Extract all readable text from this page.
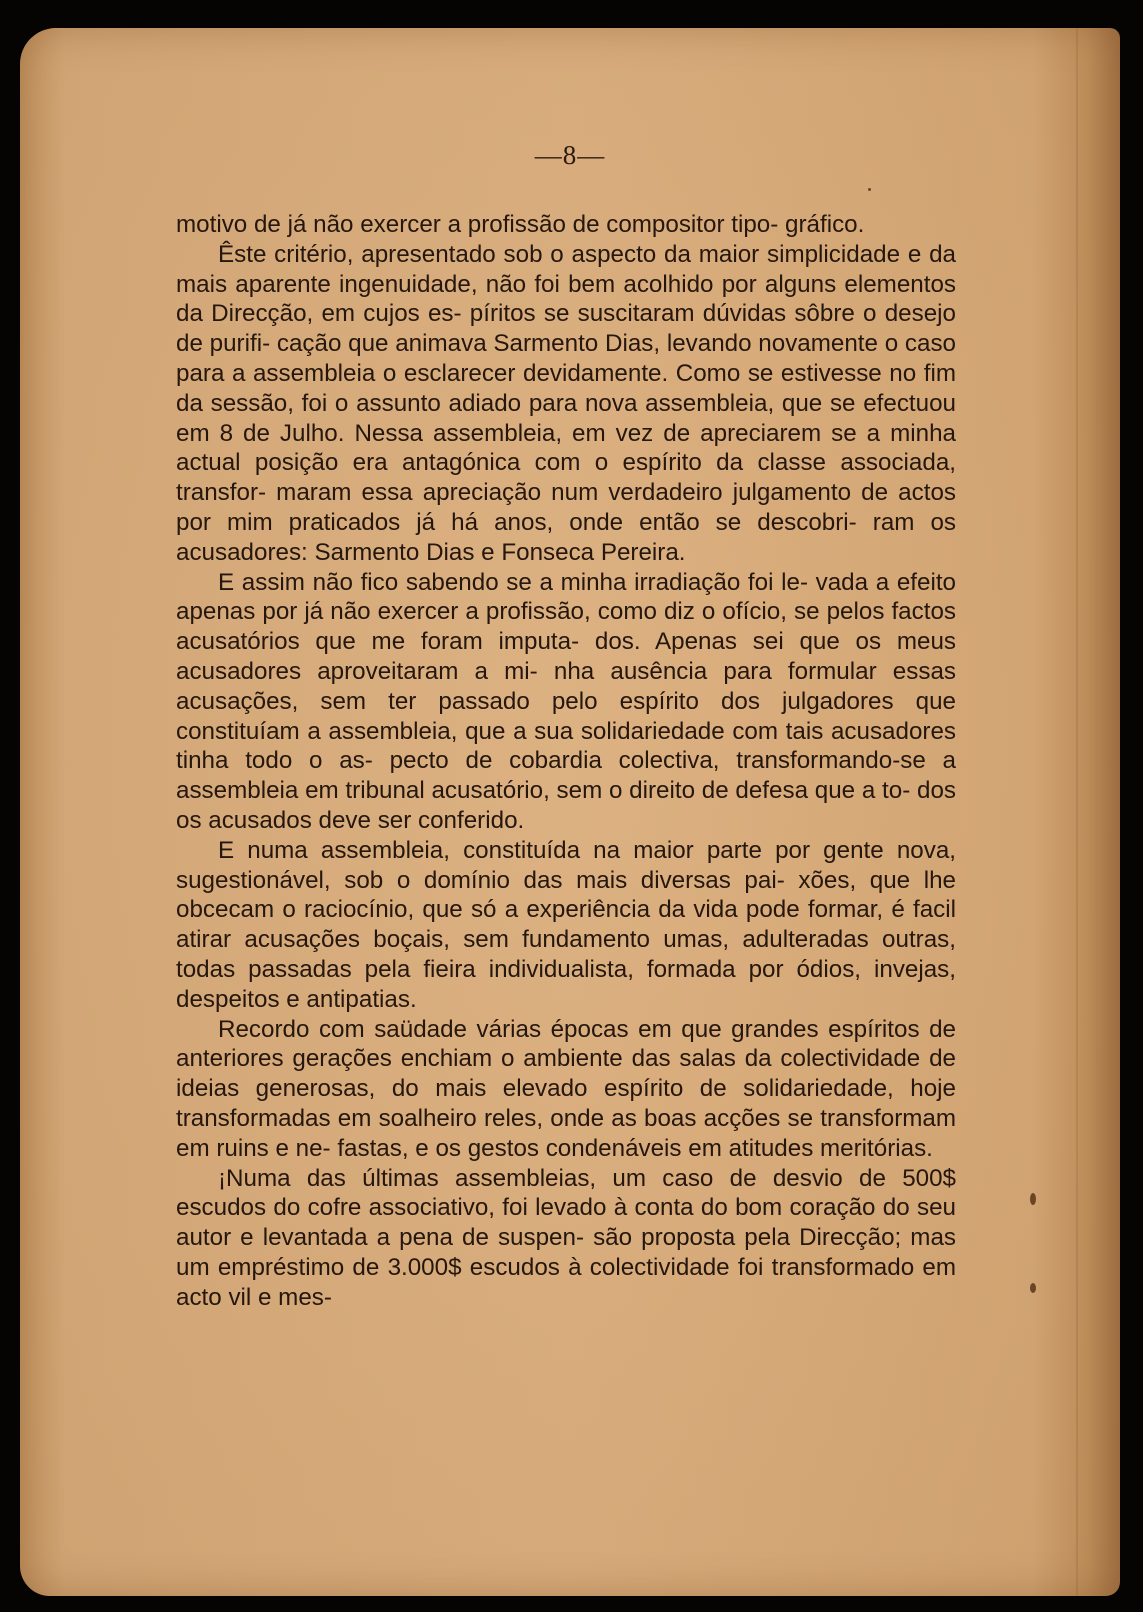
—8—

motivo de já não exercer a profissão de compositor tipo- gráfico.

Êste critério, apresentado sob o aspecto da maior simplicidade e da mais aparente ingenuidade, não foi bem acolhido por alguns elementos da Direcção, em cujos es- píritos se suscitaram dúvidas sôbre o desejo de purifi- cação que animava Sarmento Dias, levando novamente o caso para a assembleia o esclarecer devidamente. Como se estivesse no fim da sessão, foi o assunto adiado para nova assembleia, que se efectuou em 8 de Julho. Nessa assembleia, em vez de apreciarem se a minha actual posição era antagónica com o espírito da classe associada, transfor- maram essa apreciação num verdadeiro julgamento de actos por mim praticados já há anos, onde então se descobri- ram os acusadores: Sarmento Dias e Fonseca Pereira.

E assim não fico sabendo se a minha irradiação foi le- vada a efeito apenas por já não exercer a profissão, como diz o ofício, se pelos factos acusatórios que me foram imputa- dos. Apenas sei que os meus acusadores aproveitaram a mi- nha ausência para formular essas acusações, sem ter passado pelo espírito dos julgadores que constituíam a assembleia, que a sua solidariedade com tais acusadores tinha todo o as- pecto de cobardia colectiva, transformando-se a assembleia em tribunal acusatório, sem o direito de defesa que a to- dos os acusados deve ser conferido.

E numa assembleia, constituída na maior parte por gente nova, sugestionável, sob o domínio das mais diversas pai- xões, que lhe obcecam o raciocínio, que só a experiência da vida pode formar, é facil atirar acusações boçais, sem fundamento umas, adulteradas outras, todas passadas pela fieira individualista, formada por ódios, invejas, despeitos e antipatias.

Recordo com saüdade várias épocas em que grandes espíritos de anteriores gerações enchiam o ambiente das salas da colectividade de ideias generosas, do mais elevado espírito de solidariedade, hoje transformadas em soalheiro reles, onde as boas acções se transformam em ruins e ne- fastas, e os gestos condenáveis em atitudes meritórias.

¡Numa das últimas assembleias, um caso de desvio de 500$ escudos do cofre associativo, foi levado à conta do bom coração do seu autor e levantada a pena de suspen- são proposta pela Direcção; mas um empréstimo de 3.000$ escudos à colectividade foi transformado em acto vil e mes-
